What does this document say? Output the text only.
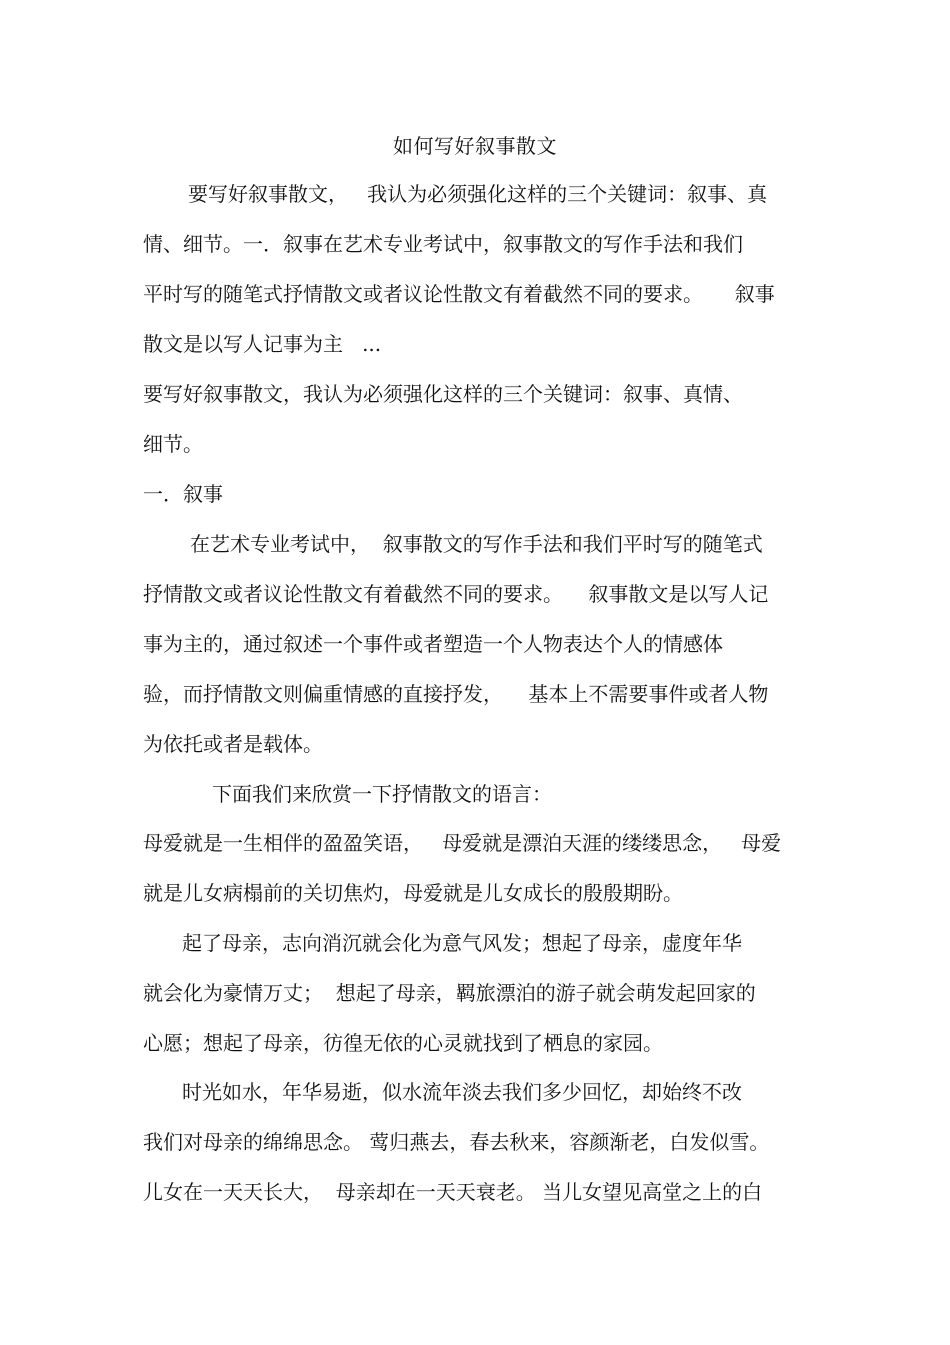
如何写好叙事散文
要写好叙事散文，   我认为必须强化这样的三个关键词：叙事、真
情、细节。一．叙事在艺术专业考试中，叙事散文的写作手法和我们
平时写的随笔式抒情散文或者议论性散文有着截然不同的要求。     叙事
散文是以写人记事为主   ...
要写好叙事散文，我认为必须强化这样的三个关键词：叙事、真情、
细节。
一．叙事
在艺术专业考试中，  叙事散文的写作手法和我们平时写的随笔式
抒情散文或者议论性散文有着截然不同的要求。    叙事散文是以写人记
事为主的，通过叙述一个事件或者塑造一个人物表达个人的情感体
验，而抒情散文则偏重情感的直接抒发，    基本上不需要事件或者人物
为依托或者是载体。
下面我们来欣赏一下抒情散文的语言：
母爱就是一生相伴的盈盈笑语，   母爱就是漂泊天涯的缕缕思念，   母爱
就是儿女病榻前的关切焦灼，母爱就是儿女成长的殷殷期盼。
起了母亲，志向消沉就会化为意气风发；想起了母亲，虚度年华
就会化为豪情万丈；  想起了母亲，羁旅漂泊的游子就会萌发起回家的
心愿；想起了母亲，彷徨无依的心灵就找到了栖息的家园。
时光如水，年华易逝，似水流年淡去我们多少回忆，却始终不改
我们对母亲的绵绵思念。 莺归燕去，春去秋来，容颜渐老，白发似雪。
儿女在一天天长大，  母亲却在一天天衰老。 当儿女望见高堂之上的白
